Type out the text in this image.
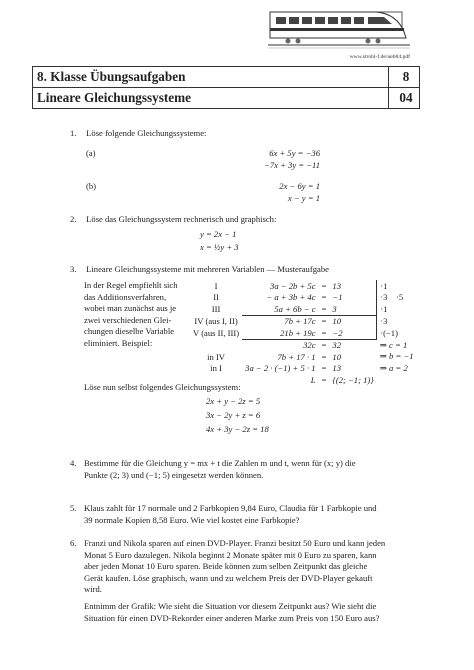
www.strobl-f.de/ueb84.pdf
8. Klasse Übungsaufgaben	8
Lineare Gleichungssysteme	04
1. Löse folgende Gleichungssysteme:
(a)	6x + 5y = −36
−7x + 3y = −11
(b)	2x − 6y = 1
x − y = 1
2. Löse das Gleichungssystem rechnerisch und graphisch:
y = 2x − 1
x = ½y + 3
3. Lineare Gleichungssysteme mit mehreren Variablen — Musteraufgabe
In der Regel empfiehlt sich
das Additionsverfahren,
wobei man zunächst aus je
zwei verschiedenen Glei-
chungen dieselbe Variable
eliminiert. Beispiel:
I	3a − 2b + 5c	=	13	·1
II	− a + 3b + 4c	=	−1	·3    ·5
III	5a + 6b − c	=	3	·1
IV (aus I, II)	7b + 17c	=	10	·3
V (aus II, III)	21b + 19c	=	−2	·(−1)
	32c	=	32	⇒ c = 1
in IV	7b + 17 · 1	=	10	⇒ b = −1
in I	3a − 2 · (−1) + 5 · 1	=	13	⇒ a = 2
	L	=	{(2; −1; 1)}	
Löse nun selbst folgendes Gleichungssystem:
2x + y − 2z = 5
3x − 2y + z = 6
4x + 3y − 2z = 18
4. Bestimme für die Gleichung y = mx + t die Zahlen m und t, wenn für (x; y) die
Punkte (2; 3) und (−1; 5) eingesetzt werden können.
5. Klaus zahlt für 17 normale und 2 Farbkopien 9,84 Euro, Claudia für 1 Farbkopie und
39 normale Kopien 8,58 Euro. Wie viel kostet eine Farbkopie?
6. Franzi und Nikola sparen auf einen DVD-Player. Franzi besitzt 50 Euro und kann jeden
Monat 5 Euro dazulegen. Nikola beginnt 2 Monate später mit 0 Euro zu sparen, kann
aber jeden Monat 10 Euro sparen. Beide können zum selben Zeitpunkt das gleiche
Gerät kaufen. Löse graphisch, wann und zu welchem Preis der DVD-Player gekauft
wird.
Entnimm der Grafik: Wie sieht die Situation vor diesem Zeitpunkt aus? Wie sieht die
Situation für einen DVD-Rekorder einer anderen Marke zum Preis von 150 Euro aus?
